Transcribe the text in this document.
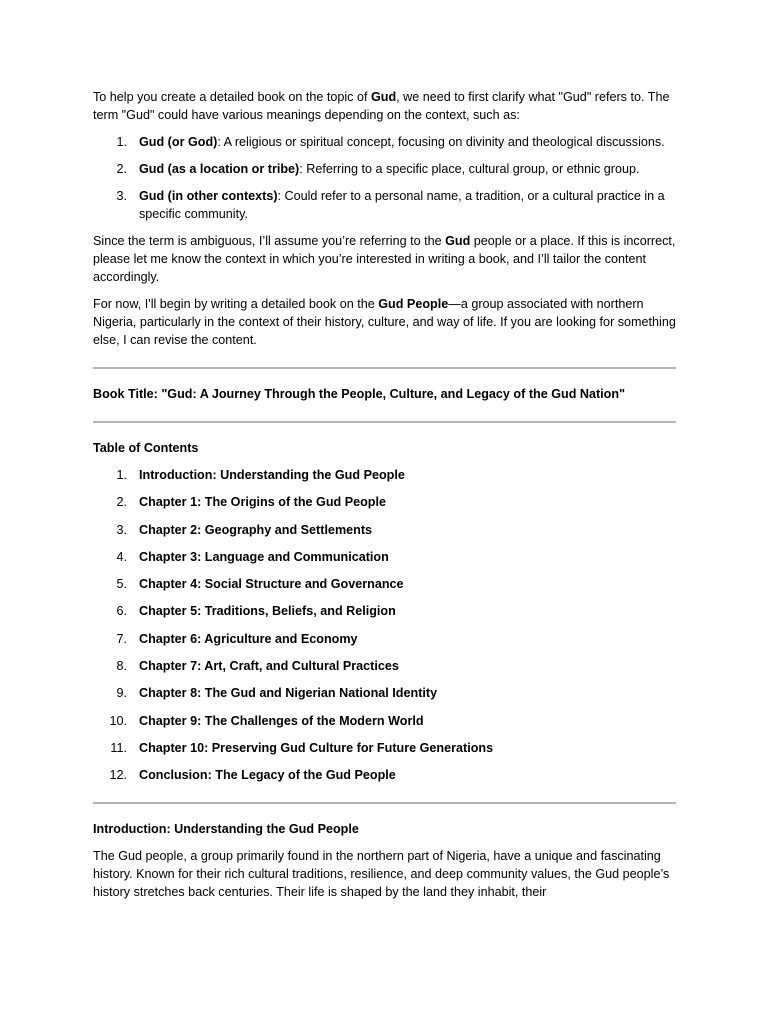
To help you create a detailed book on the topic of Gud, we need to first clarify what "Gud" refers to. The term "Gud" could have various meanings depending on the context, such as:

1. Gud (or God): A religious or spiritual concept, focusing on divinity and theological discussions.
2. Gud (as a location or tribe): Referring to a specific place, cultural group, or ethnic group.
3. Gud (in other contexts): Could refer to a personal name, a tradition, or a cultural practice in a specific community.

Since the term is ambiguous, I’ll assume you’re referring to the Gud people or a place. If this is incorrect, please let me know the context in which you’re interested in writing a book, and I’ll tailor the content accordingly.

For now, I'll begin by writing a detailed book on the Gud People—a group associated with northern Nigeria, particularly in the context of their history, culture, and way of life. If you are looking for something else, I can revise the content.

Book Title: "Gud: A Journey Through the People, Culture, and Legacy of the Gud Nation"

Table of Contents

1. Introduction: Understanding the Gud People
2. Chapter 1: The Origins of the Gud People
3. Chapter 2: Geography and Settlements
4. Chapter 3: Language and Communication
5. Chapter 4: Social Structure and Governance
6. Chapter 5: Traditions, Beliefs, and Religion
7. Chapter 6: Agriculture and Economy
8. Chapter 7: Art, Craft, and Cultural Practices
9. Chapter 8: The Gud and Nigerian National Identity
10. Chapter 9: The Challenges of the Modern World
11. Chapter 10: Preserving Gud Culture for Future Generations
12. Conclusion: The Legacy of the Gud People

Introduction: Understanding the Gud People

The Gud people, a group primarily found in the northern part of Nigeria, have a unique and fascinating history. Known for their rich cultural traditions, resilience, and deep community values, the Gud people’s history stretches back centuries. Their life is shaped by the land they inhabit, their
